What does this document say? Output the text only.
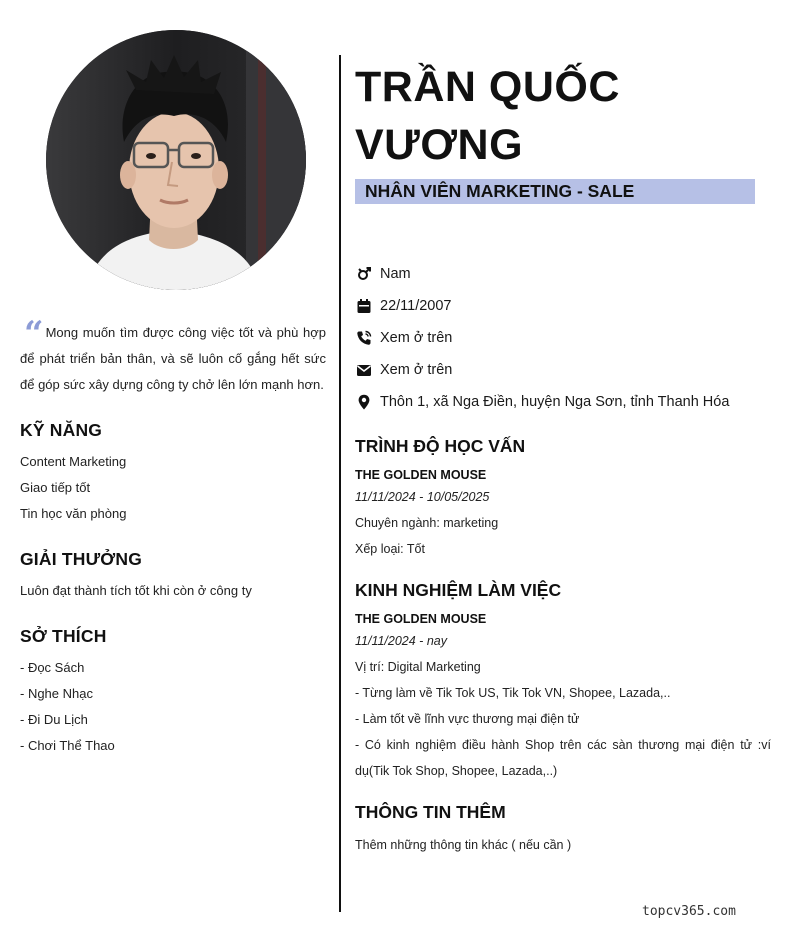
“ Mong muốn tìm được công việc tốt và phù hợp để phát triển bản thân, và sẽ luôn cố gắng hết sức để góp sức xây dựng công ty chở lên lớn mạnh hơn.
KỸ NĂNG
Content Marketing
Giao tiếp tốt
Tin học văn phòng
GIẢI THƯỞNG
Luôn đạt thành tích tốt khi còn ở công ty
SỞ THÍCH
- Đọc Sách
- Nghe Nhạc
- Đi Du Lịch
- Chơi Thể Thao
TRẦN QUỐC
VƯƠNG
NHÂN VIÊN MARKETING - SALE
Nam
22/11/2007
Xem ở trên
Xem ở trên
Thôn 1, xã Nga Điền, huyện Nga Sơn, tỉnh Thanh Hóa
TRÌNH ĐỘ HỌC VẤN
THE GOLDEN MOUSE
11/11/2024 - 10/05/2025
Chuyên ngành: marketing
Xếp loại: Tốt
KINH NGHIỆM LÀM VIỆC
THE GOLDEN MOUSE
11/11/2024 - nay
Vị trí: Digital Marketing
- Từng làm về Tik Tok US, Tik Tok VN, Shopee, Lazada,..
- Làm tốt về lĩnh vực thương mại điện tử
- Có kinh nghiệm điều hành Shop trên các sàn thương mại điện tử :ví dụ(Tik Tok Shop, Shopee, Lazada,..)
THÔNG TIN THÊM
Thêm những thông tin khác ( nếu cần )
topcv365.com
